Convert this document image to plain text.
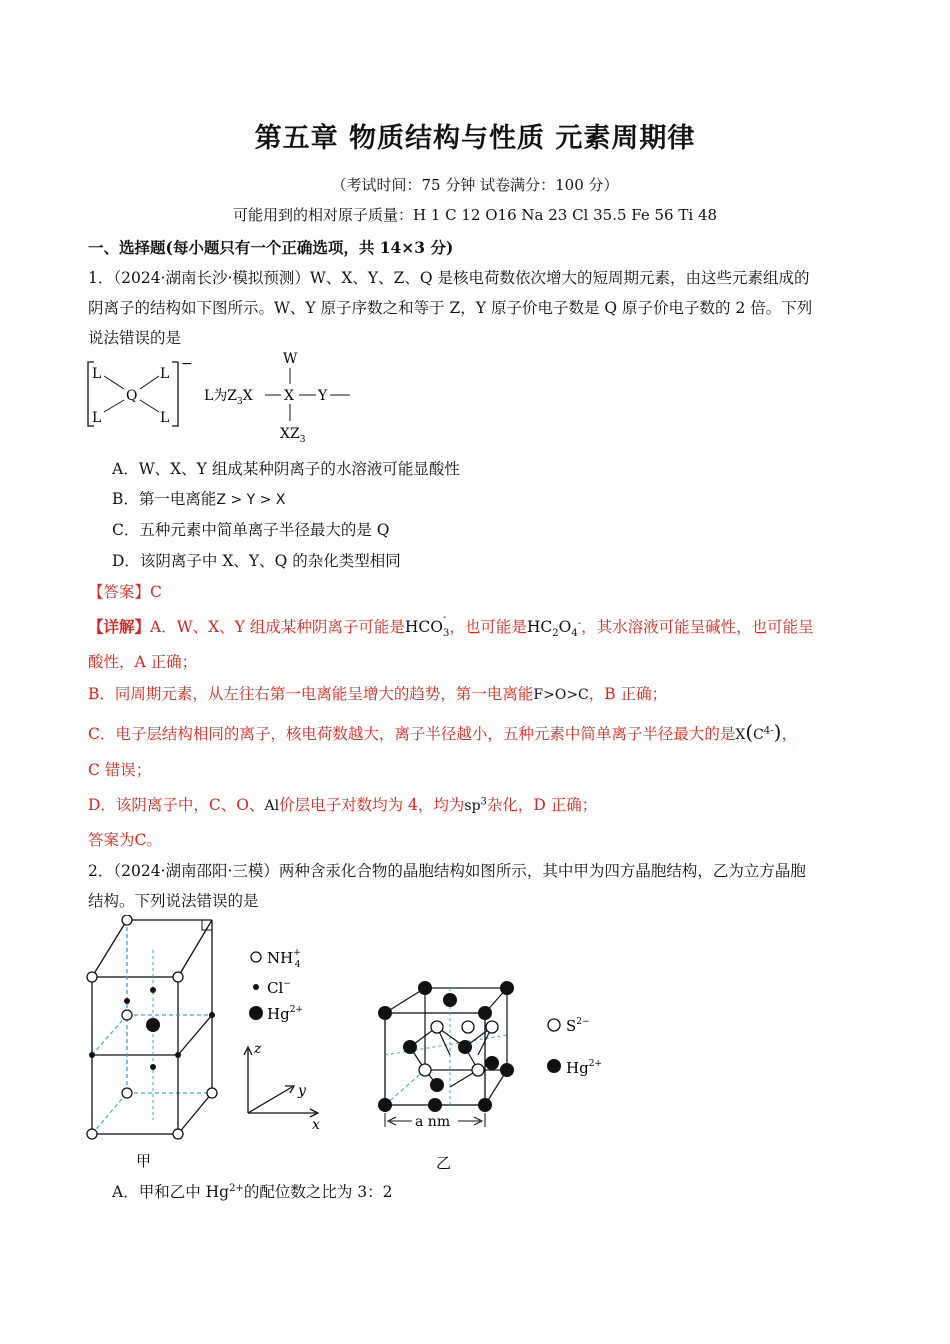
第五章 物质结构与性质 元素周期律
（考试时间：75 分钟 试卷满分：100 分）
可能用到的相对原子质量：H 1 C 12 O16 Na 23 Cl 35.5 Fe 56 Ti 48
一、选择题(每小题只有一个正确选项，共 14×3 分)
1．（2024·湖南长沙·模拟预测）W、X、Y、Z、Q 是核电荷数依次增大的短周期元素，由这些元素组成的
阴离子的结构如下图所示。W、Y 原子序数之和等于 Z，Y 原子价电子数是 Q 原子价电子数的 2 倍。下列
说法错误的是
−
L	L
L	L
Q	L为$Z_3X$ X
W
$XZ_3$
Y
A．W、X、Y 组成某种阴离子的水溶液可能显酸性
B．第一电离能Z > Y > X
C．五种元素中简单离子半径最大的是 Q
D．该阴离子中 X、Y、Q 的杂化类型相同
【答案】C
【详解】A．W、X、Y 组成某种阴离子可能是HCO
-
$_3$，也可能是$HC_2O_4^-$，其水溶液可能呈碱性，也可能呈
酸性，A 正确；
B．同周期元素，从左往右第一电离能呈增大的趋势，第一电离能F>O>C，B 正确；
C．电子层结构相同的离子，核电荷数越大，离子半径越小，五种元素中简单离子半径最大的是$X(C^{4-})$，
C 错误；
D．该阴离子中，C、O、Al价层电子对数均为 4，均为$sp^3$杂化，D 正确；
答案为C。
2．（2024·湖南邵阳·三模）两种含汞化合物的晶胞结构如图所示，其中甲为四方晶胞结构，乙为立方晶胞
结构。下列说法错误的是
NH+ 4
Cl−
$Hg^{2+}$
z
y
x	a nm
$S^{2-}$
$Hg^{2+}$
甲	乙
A．甲和乙中 $Hg^{2+}$的配位数之比为 3：2
